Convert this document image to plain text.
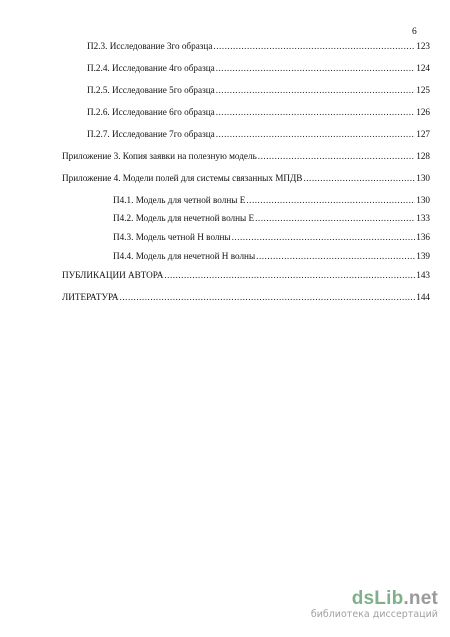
6
П2.3. Исследование 3го образца .....	123
П.2.4. Исследование 4го образца .....	124
П.2.5. Исследование 5го образца .....	125
П.2.6. Исследование 6го образца .....	126
П.2.7. Исследование 7го образца .....	127
Приложение 3. Копия заявки на полезную модель .....	128
Приложение 4. Модели полей для системы связанных МПДВ .....	130
П4.1. Модель для четной волны Е .....	130
П4.2. Модель для нечетной волны Е .....	133
П4.3. Модель четной Н волны .....	136
П4.4. Модель для нечетной Н волны .....	139
ПУБЛИКАЦИИ АВТОРА .....	143
ЛИТЕРАТУРА .....	144
dsLib.net
библиотека диссертаций
